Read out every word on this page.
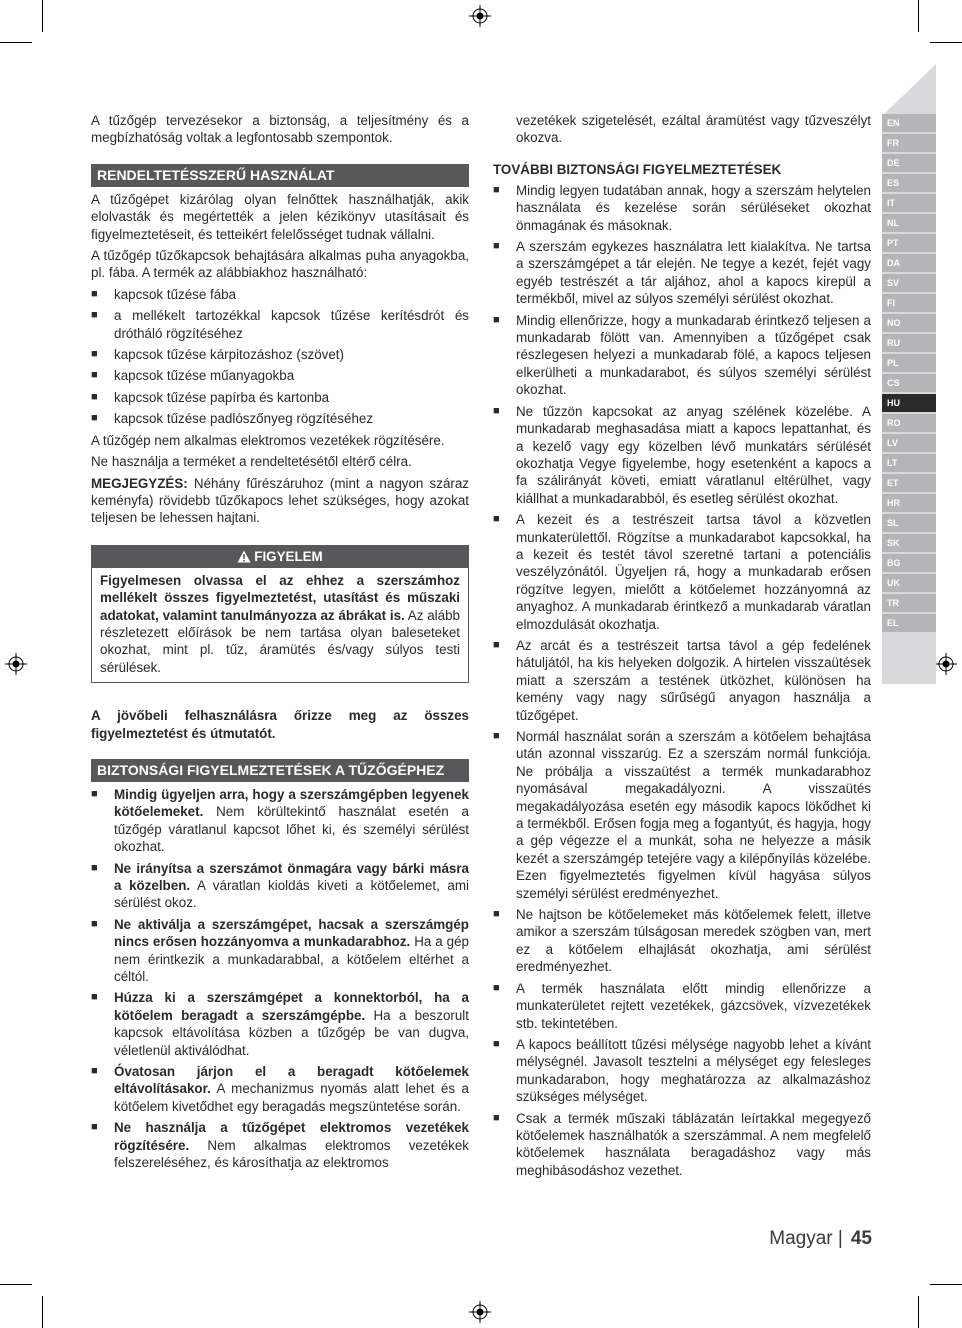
A tűzőgép tervezésekor a biztonság, a teljesítmény és a megbízhatóság voltak a legfontosabb szempontok.

RENDELTETÉSSZERŰ HASZNÁLAT

A tűzőgépet kizárólag olyan felnőttek használhatják, akik elolvasták és megértették a jelen kézikönyv utasításait és figyelmeztetéseit, és tetteikért felelősséget tudnak vállalni.

A tűzőgép tűzőkapcsok behajtására alkalmas puha anyagokba, pl. fába. A termék az alábbiakhoz használható:

■ kapcsok tűzése fába
■ a mellékelt tartozékkal kapcsok tűzése kerítésdrót és drótháló rögzítéséhez
■ kapcsok tűzése kárpitozáshoz (szövet)
■ kapcsok tűzése műanyagokba
■ kapcsok tűzése papírba és kartonba
■ kapcsok tűzése padlószőnyeg rögzítéséhez

A tűzőgép nem alkalmas elektromos vezetékek rögzítésére.

Ne használja a terméket a rendeltetésétől eltérő célra.

MEGJEGYZÉS: Néhány fűrészáruhoz (mint a nagyon száraz keményfa) rövidebb tűzőkapocs lehet szükséges, hogy azokat teljesen be lehessen hajtani.

FIGYELEM
Figyelmesen olvassa el az ehhez a szerszámhoz mellékelt összes figyelmeztetést, utasítást és műszaki adatokat, valamint tanulmányozza az ábrákat is. Az alább részletezett előírások be nem tartása olyan baleseteket okozhat, mint pl. tűz, áramütés és/vagy súlyos testi sérülések.

A jövőbeli felhasználásra őrizze meg az összes figyelmeztetést és útmutatót.

BIZTONSÁGI FIGYELMEZTETÉSEK A TŰZŐGÉPHEZ
■ Mindig ügyeljen arra, hogy a szerszámgépben legyenek kötőelemeket. Nem körültekintő használat esetén a tűzőgép váratlanul kapcsot lőhet ki, és személyi sérülést okozhat.
■ Ne irányítsa a szerszámot önmagára vagy bárki másra a közelben. A váratlan kioldás kiveti a kötőelemet, ami sérülést okoz.
■ Ne aktiválja a szerszámgépet, hacsak a szerszámgép nincs erősen hozzányomva a munkadarabhoz. Ha a gép nem érintkezik a munkadarabbal, a kötőelem eltérhet a céltól.
■ Húzza ki a szerszámgépet a konnektorból, ha a kötőelem beragadt a szerszámgépbe. Ha a beszorult kapcsok eltávolítása közben a tűzőgép be van dugva, véletlenül aktiválódhat.
■ Óvatosan járjon el a beragadt kötőelemek eltávolításakor. A mechanizmus nyomás alatt lehet és a kötőelem kivetődhet egy beragadás megszüntetése során.
■ Ne használja a tűzőgépet elektromos vezetékek rögzítésére. Nem alkalmas elektromos vezetékek felszereléséhez, és károsíthatja az elektromos

vezetékek szigetelését, ezáltal áramütést vagy tűzveszélyt okozva.

TOVÁBBI BIZTONSÁGI FIGYELMEZTETÉSEK
■ Mindig legyen tudatában annak, hogy a szerszám helytelen használata és kezelése során sérüléseket okozhat önmagának és másoknak.
■ A szerszám egykezes használatra lett kialakítva. Ne tartsa a szerszámgépet a tár elején. Ne tegye a kezét, fejét vagy egyéb testrészét a tár aljához, ahol a kapocs kirepül a termékből, mivel az súlyos személyi sérülést okozhat.
■ Mindig ellenőrizze, hogy a munkadarab érintkező teljesen a munkadarab fölött van. Amennyiben a tűzőgépet csak részlegesen helyezi a munkadarab fölé, a kapocs teljesen elkerülheti a munkadarabot, és súlyos személyi sérülést okozhat.
■ Ne tűzzön kapcsokat az anyag szélének közelébe. A munkadarab meghasadása miatt a kapocs lepattanhat, és a kezelő vagy egy közelben lévő munkatárs sérülését okozhatja Vegye figyelembe, hogy esetenként a kapocs a fa szálirányát követi, emiatt váratlanul eltérülhet, vagy kiállhat a munkadarabból, és esetleg sérülést okozhat.
■ A kezeit és a testrészeit tartsa távol a közvetlen munkaterülettől. Rögzítse a munkadarabot kapcsokkal, ha a kezeit és testét távol szeretné tartani a potenciális veszélyzónától. Ügyeljen rá, hogy a munkadarab erősen rögzítve legyen, mielőtt a kötőelemet hozzányomná az anyaghoz. A munkadarab érintkező a munkadarab váratlan elmozdulását okozhatja.
■ Az arcát és a testrészeit tartsa távol a gép fedelének hátuljától, ha kis helyeken dolgozik. A hirtelen visszaütések miatt a szerszám a testének ütközhet, különösen ha kemény vagy nagy sűrűségű anyagon használja a tűzőgépet.
■ Normál használat során a szerszám a kötőelem behajtása után azonnal visszarúg. Ez a szerszám normál funkciója. Ne próbálja a visszaütést a termék munkadarabhoz nyomásával megakadályozni. A visszaütés megakadályozása esetén egy második kapocs lökődhet ki a termékből. Erősen fogja meg a fogantyút, és hagyja, hogy a gép végezze el a munkát, soha ne helyezze a másik kezét a szerszámgép tetejére vagy a kilépőnyílás közelébe. Ezen figyelmeztetés figyelmen kívül hagyása súlyos személyi sérülést eredményezhet.
■ Ne hajtson be kötőelemeket más kötőelemek felett, illetve amikor a szerszám túlságosan meredek szögben van, mert ez a kötőelem elhajlását okozhatja, ami sérülést eredményezhet.
■ A termék használata előtt mindig ellenőrizze a munkaterületet rejtett vezetékek, gázcsövek, vízvezetékek stb. tekintetében.
■ A kapocs beállított tűzési mélysége nagyobb lehet a kívánt mélységnél. Javasolt tesztelni a mélységet egy felesleges munkadarabon, hogy meghatározza az alkalmazáshoz szükséges mélységet.
■ Csak a termék műszaki táblázatán leírtakkal megegyező kötőelemek használhatók a szerszámmal. A nem megfelelő kötőelemek használata beragadáshoz vagy más meghibásodáshoz vezethet.
EN
FR
DE
ES
IT
NL
PT
DA
SV
FI
NO
RU
PL
CS
HU
RO
LV
LT
ET
HR
SL
SK
BG
UK
TR
EL
Magyar | 45
